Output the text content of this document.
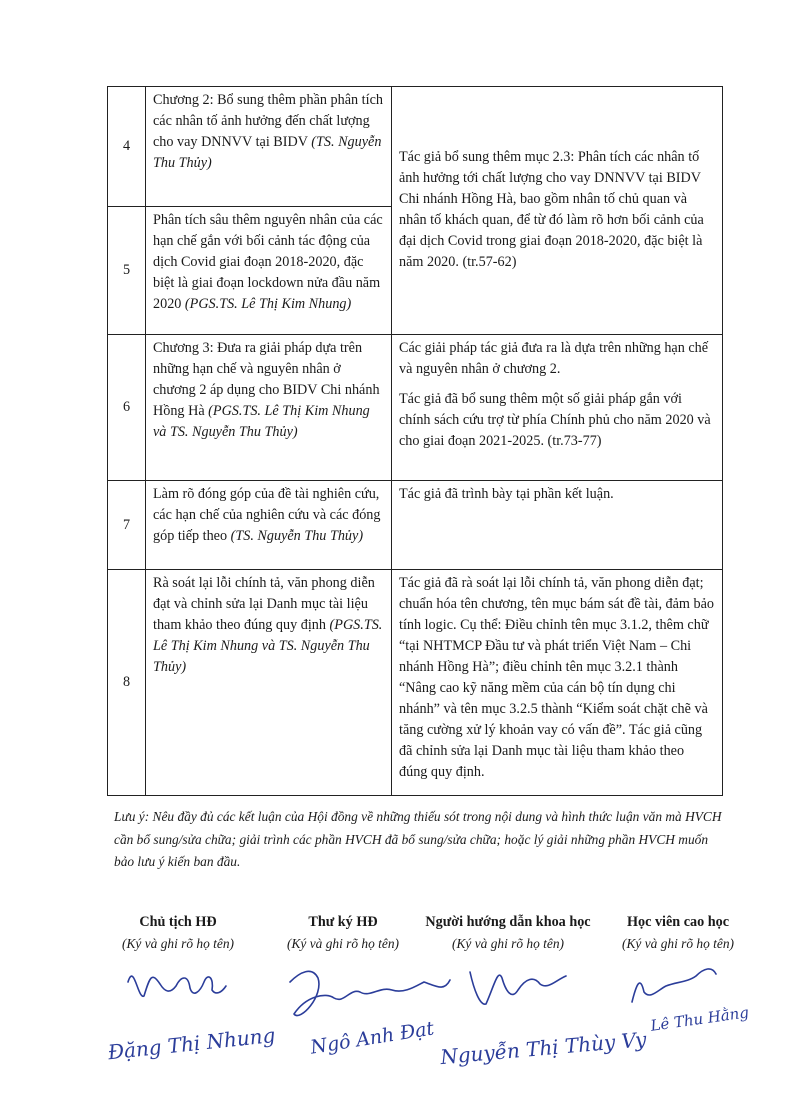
4	Chương 2: Bổ sung thêm phần phân tích các nhân tố ảnh hưởng đến chất lượng cho vay DNNVV tại BIDV (TS. Nguyễn Thu Thủy)	Tác giả bổ sung thêm mục 2.3: Phân tích các nhân tố ảnh hưởng tới chất lượng cho vay DNNVV tại BIDV Chi nhánh Hồng Hà, bao gồm nhân tố chủ quan và nhân tố khách quan, để từ đó làm rõ hơn bối cảnh của đại dịch Covid trong giai đoạn 2018-2020, đặc biệt là năm 2020. (tr.57-62)

5	Phân tích sâu thêm nguyên nhân của các hạn chế gắn với bối cảnh tác động của dịch Covid giai đoạn 2018-2020, đặc biệt là giai đoạn lockdown nửa đầu năm 2020 (PGS.TS. Lê Thị Kim Nhung)	
6	Chương 3: Đưa ra giải pháp dựa trên những hạn chế và nguyên nhân ở chương 2 áp dụng cho BIDV Chi nhánh Hồng Hà (PGS.TS. Lê Thị Kim Nhung và TS. Nguyễn Thu Thủy)	Các giải pháp tác giả đưa ra là dựa trên những hạn chế và nguyên nhân ở chương 2.

Tác giả đã bổ sung thêm một số giải pháp gắn với chính sách cứu trợ từ phía Chính phủ cho năm 2020 và cho giai đoạn 2021-2025. (tr.73-77)

7	Làm rõ đóng góp của đề tài nghiên cứu, các hạn chế của nghiên cứu và các đóng góp tiếp theo (TS. Nguyễn Thu Thủy)	Tác giả đã trình bày tại phần kết luận.

8	Rà soát lại lỗi chính tả, văn phong diễn đạt và chỉnh sửa lại Danh mục tài liệu tham khảo theo đúng quy định (PGS.TS. Lê Thị Kim Nhung và TS. Nguyễn Thu Thủy)	Tác giả đã rà soát lại lỗi chính tả, văn phong diễn đạt; chuẩn hóa tên chương, tên mục bám sát đề tài, đảm bảo tính logic. Cụ thể: Điều chỉnh tên mục 3.1.2, thêm chữ “tại NHTMCP Đầu tư và phát triển Việt Nam – Chi nhánh Hồng Hà”; điều chỉnh tên mục 3.2.1 thành “Nâng cao kỹ năng mềm của cán bộ tín dụng chi nhánh” và tên mục 3.2.5 thành “Kiểm soát chặt chẽ và tăng cường xử lý khoản vay có vấn đề”. Tác giả cũng đã chỉnh sửa lại Danh mục tài liệu tham khảo theo đúng quy định.

Lưu ý: Nêu đầy đủ các kết luận của Hội đồng về những thiếu sót trong nội dung và hình thức luận văn mà HVCH cần bổ sung/sửa chữa; giải trình các phần HVCH đã bổ sung/sửa chữa; hoặc lý giải những phần HVCH muốn bảo lưu ý kiến ban đầu.
Chủ tịch HĐ
(Ký và ghi rõ họ tên)
Thư ký HĐ
(Ký và ghi rõ họ tên)
Người hướng dẫn khoa học
(Ký và ghi rõ họ tên)
Học viên cao học
(Ký và ghi rõ họ tên)
Đặng Thị Nhung Ngô Anh Đạt Nguyễn Thị Thùy Vy
Lê Thu Hằng
